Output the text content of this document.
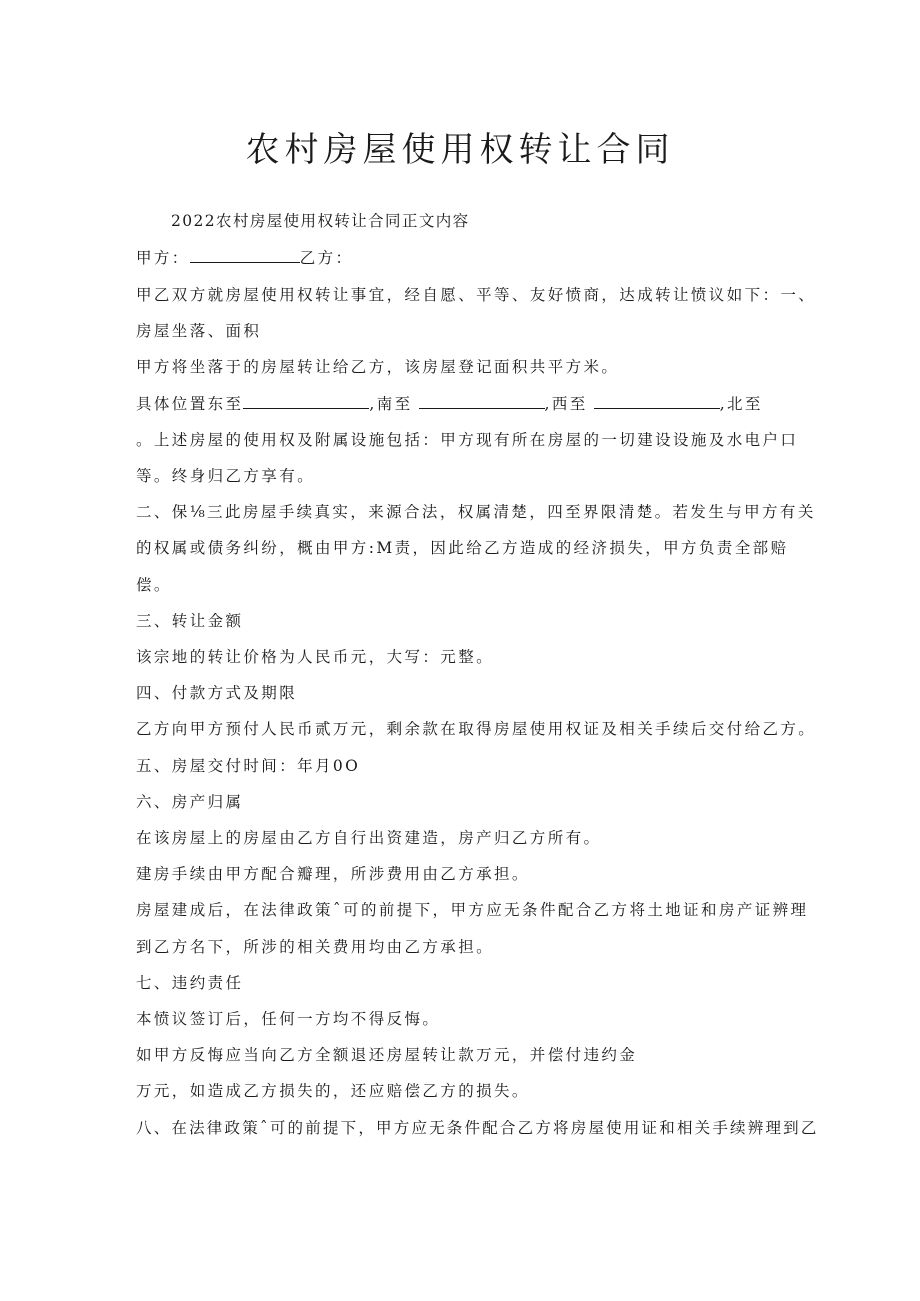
农村房屋使用权转让合同
2022农村房屋使用权转让合同正文内容
甲方：	乙方：
甲乙双方就房屋使用权转让事宜，经自愿、平等、友好愤商，达成转让愤议如下：一、
房屋坐落、面积
甲方将坐落于的房屋转让给乙方，该房屋登记面积共平方米。
具体位置东至	,南至	,西至	,北至
。上述房屋的使用权及附属设施包括：甲方现有所在房屋的一切建设设施及水电户口
等。终身归乙方享有。
二、保⅛三此房屋手续真实，来源合法，权属清楚，四至界限清楚。若发生与甲方有关
的权属或债务纠纷，概由甲方:M责，因此给乙方造成的经济损失，甲方负责全部赔
偿。
三、转让金额
该宗地的转让价格为人民币元，大写：元整。
四、付款方式及期限
乙方向甲方预付人民币贰万元，剩余款在取得房屋使用权证及相关手续后交付给乙方。
五、房屋交付时间：年月0O
六、房产归属
在该房屋上的房屋由乙方自行出资建造，房产归乙方所有。
建房手续由甲方配合瓣理，所涉费用由乙方承担。
房屋建成后，在法律政策ˆ可的前提下，甲方应无条件配合乙方将土地证和房产证辨理
到乙方名下，所涉的相关费用均由乙方承担。
七、违约责任
本愤议签订后，任何一方均不得反悔。
如甲方反悔应当向乙方全额退还房屋转让款万元，并偿付违约金
万元，如造成乙方损失的，还应赔偿乙方的损失。
八、在法律政策ˆ可的前提下，甲方应无条件配合乙方将房屋使用证和相关手续辨理到乙
